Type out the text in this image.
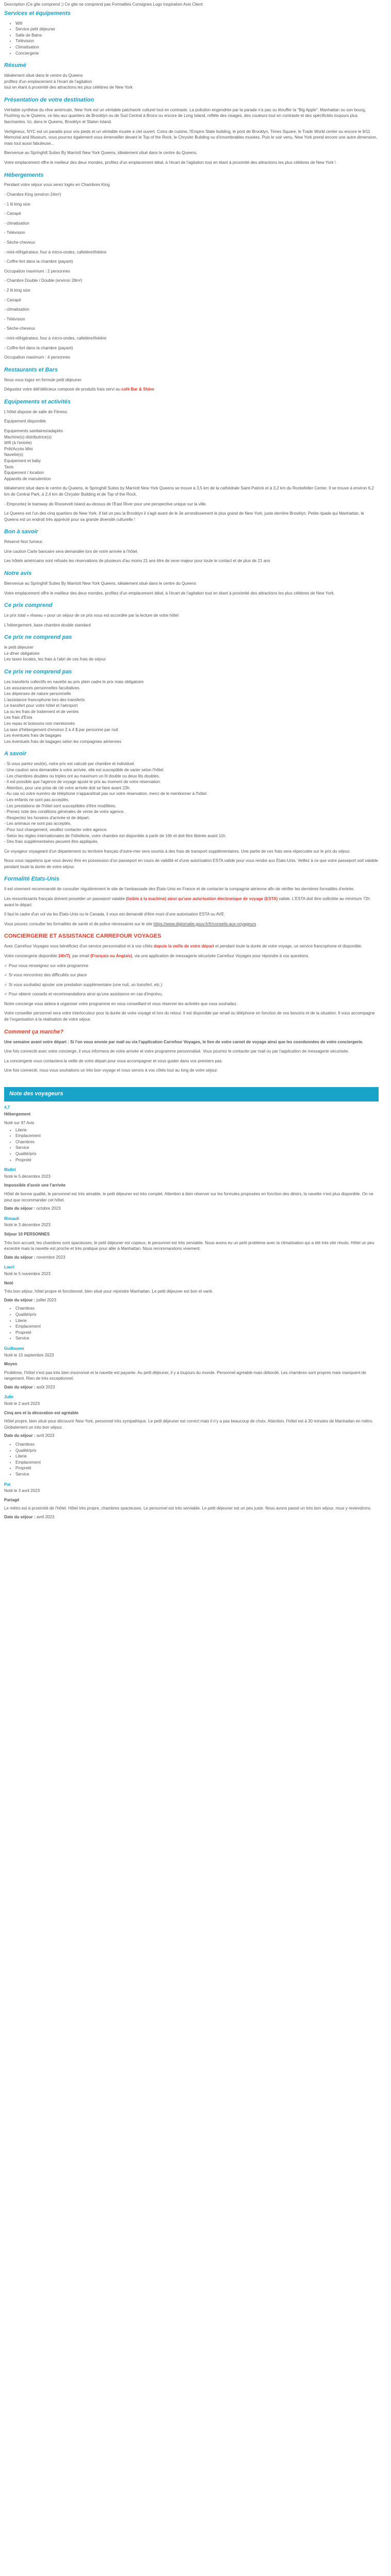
Description (Ce gite comprend :) Ce gite ne comprend pas Formalités Consignes Logo Inspiration Avis Client

Services et équipements
• Wifi
• Service petit déjeuner
• Salle de Bains
• Télévision
• Climatisation
• Conciergerie
Résumé
Idéalement situé dans le centre du Queens
profitez d'un emplacement à l'écart de l'agitation
tout en étant à proximité des attractions les plus célèbres de New York
Présentation de votre destination

Véritable synthèse du rêve américain, New York est un véritable patchwork culturel tout en contraste. La pollution engendrée par la parade n'a pas su étouffer la "Big Apple". Manhattan ou son bourg, Flushing ou le Queens, ce lieu aux quartiers de Brooklyn ou de Sud Central à Bronx ou encore de Long Island, reflète des visages, des couleurs tout en contraste et des spécificités toujours plus fascinantes. Ici, dans le Queens, Brooklyn et Staten Island.

Vertigineux, NYC est un paradis pour vos pieds et un véritable musée à ciel ouvert. Coins de cuisine, l'Empire State building, le pont de Brooklyn, Times Square, le Trade World center ou encore le 9/11 Memorial and Museum, vous pourrez également vous émerveiller devant le Top of the Rock, le Chrysler Building ou d'innombrables musées. Puis le soir venu, New York prend encore une autre dimension, mais tout aussi fabuleuse...

Bienvenue au Springhill Suites By Marriott New York Queens, idéalement situé dans le centre du Queens.

Votre emplacement offre le meilleur des deux mondes, profitez d'un emplacement idéal, à l'écart de l'agitation tout en étant à proximité des attractions les plus célèbres de New York !

Hébergements

Pendant votre séjour vous serez logés en Chambres King

- Chambre King (environ 24m²)

- 1 lit king size

- Canapé

- climatisation

- Télévision

- Sèche-cheveux

- mini-réfrigérateur, four à micro-ondes, cafetière/théière

- Coffre-fort dans la chambre (payant)

Occupation maximum : 2 personnes

- Chambre Double / Double (environ 28m²)

- 2 lit king size

- Canapé

- climatisation

- Télévision

- Sèche-cheveux

- mini-réfrigérateur, four à micro-ondes, cafetière/théière

- Coffre-fort dans la chambre (payant)

Occupation maximum : 4 personnes

Restaurants et Bars

Nous vous logez en formule petit déjeuner

Dégustez votre déli'délicieux composé de produits frais servi au café Bar & Shine

Equipements et activités

L'hôtel dispose de salle de Fitness

Equipement disponible

Equipements sanitaires/adaptés
Machine(s) distributrice(s)
Wifi (à l'entrée)
Prêt/Accès Mini
Navette(s)
Equipement et baby
Taxis
Équipement / location
Appareils de manutention

Idéalement situé dans le centre du Queens, le Springhill Suites by Marriott New York Queens se trouve à 3,5 km de la cathédrale Saint-Patrick et à 3,2 km du Rockefeller Center. Il se trouve à environ 6,2 km de Central Park, à 2,4 km de Chrysler Building et de Top of the Rock.

- Empruntez le tramway de Roosevelt Island au-dessus de l'East River pour une perspective unique sur la ville.

Le Queens est l'un des cinq quartiers de New York. Il fait un peu la Brooklyn il s'agit avant de le 3e arrondissement le plus grand de New York, juste derrière Brooklyn. Petite ripade qui Manhattan, le Queens est un endroit très apprécié pour sa grande diversité culturelle !

Bon à savoir

Réservé Non fumeur.

Une caution Carte bancaire sera demandée lors de votre arrivée à l'hôtel.

Les hôtels américains sont refusés les réservations de plusieurs d'au moins 21 ans être de sexe majeur pour toute le contact et de plus de 21 ans

Notre avis

Bienvenue au Springhill Suites By Marriott New York Queens, idéalement situé dans le centre du Queens

Votre emplacement offre le meilleur des deux mondes, profitez d'un emplacement idéal, à l'écart de l'agitation tout en étant à proximité des attractions les plus célèbres de New York.

Ce prix comprend

Le prix total « réseau » pour un séjour de ce prix vous est accordée par la lecture de votre hôtel

L'hébergement, base chambre double standard

Ce prix ne comprend pas
le petit déjeuner
Le dîner obligatoire
Les taxes locales, les frais à l'abri de ces frais de séjour
Ce prix ne comprend pas
Les transferts collectifs en navette au prix plein cadre le prix mais obligatoire
Les assurances personnelles facultatives
Les dépenses de nature personnelle
L'assistance francophone lors des transferts
Le transfert pour votre hôtel et l'aéroport
La ou les frais de traitement et de ventes
Les frais d'Esta
Les repas et boissons non mentionnés
La taxe d'hébergement d'environ 2 à 4 $ par personne par nuit
Les éventuels frais de bagages
Les éventuels frais de bagages selon les compagnies aériennes
A savoir
- Si vous partez seul(e), notre prix est calculé par chambre et individuel.
- Une caution sera demandée à votre arrivée, elle est susceptible de varier selon l'hôtel.
- Les chambres doubles ou triples ont au maximum un lit double ou deux lits doubles.
- Il est possible que l'agence de voyage ajuste le prix au moment de votre réservation.
- Attention, pour une prise de clé votre arrivée doit se faire avant 23h.
- Au cas où votre numéro de téléphone n'apparaîtrait pas sur votre réservation, merci de le mentionner à l'hôtel.
- Les enfants ne sont pas acceptés.
- Les prestations de l'hôtel sont susceptibles d'être modifiées.
- Prenez note des conditions générales de vente de votre agence.
- Respectez les horaires d'arrivée et de départ.
- Les animaux ne sont pas acceptés.
- Pour tout changement, veuillez contacter votre agence.
- Selon les règles internationales de l'hôtellerie, votre chambre est disponible à partir de 16h et doit être libérée avant 11h.
- Des frais supplémentaires peuvent être appliqués.

Ce voyageur voyageant d'un département ou territoire français d'outre-mer sera soumis à des frais de transport supplémentaires. Une partie de ces frais sera répercutée sur le prix du séjour.

Nous vous rappelons que vous devez être en possession d'un passeport en cours de validité et d'une autorisation ESTA valide pour vous rendre aux États-Unis. Veillez à ce que votre passeport soit valable pendant toute la durée de votre séjour.

Formalité Etats-Unis

Il est vivement recommandé de consulter régulièrement le site de l'ambassade des États-Unis en France et de contacter la compagnie aérienne afin de vérifier les dernières formalités d'entrée.

Les ressortissants français doivent posséder un passeport valable (lisible à la machine) ainsi qu'une autorisation électronique de voyage (ESTA) valide. L'ESTA doit être sollicitée au minimum 72h avant le départ.

Il faut le cadre d'un vol via les États-Unis ou le Canada, il vous est demandé d'être muni d'une autorisation ESTA ou AVE.

Vous pouvez consulter les formalités de santé et de police nécessaires sur le site https://www.diplomatie.gouv.fr/fr/conseils-aux-voyageurs

CONCIERGERIE ET ASSISTANCE CARREFOUR VOYAGES

Avec Carrefour Voyages vous bénéficiez d'un service personnalisé et à vos côtés depuis la veille de votre départ et pendant toute la durée de votre voyage, un service francophone et disponible.

Votre conciergerie disponible 24h/7j, par email (Français ou Anglais), via une application de messagerie sécurisée Carrefour Voyages pour répondre à vos questions.

✓ Pour nous renseignez sur votre programme

✓ Si vous rencontrez des difficultés sur place

✓ Si vous souhaitez ajouter une prestation supplémentaire (une nuit, un transfert, etc.)

✓ Pour obtenir conseils et recommandations ainsi qu'une assistance en cas d'imprévu.

Notre concierge vous aidera à organiser votre programme en vous conseillant et vous réserver les activités que vous souhaitez.

Votre conseiller personnel sera votre interlocuteur pour la durée de votre voyage et lors du retour. Il est disponible par email ou téléphone en fonction de vos besoins et de la situation. Il vous accompagne de l'organisation à la réalisation de votre séjour.

Comment ça marche?

Une semaine avant votre départ : Si l'on vous envoie par mail ou via l'application Carrefour Voyages, le lien de votre carnet de voyage ainsi que les coordonnées de votre conciergerie.

Une fois connecté avec votre concierge, il vous informera de votre arrivée et votre programme personnalisé. Vous pourrez le contacter par mail ou par l'application de messagerie sécurisée.

La conciergerie vous contactera la veille de votre départ pour vous accompagner et vous guider dans vos premiers pas.

Une fois connecté, nous vous souhaitons un très bon voyage et nous serons à vos côtés tout au long de votre séjour.

Note des voyageurs
4,7
Hébergement
Noté sur 97 Avis
• Literie
• Emplacement
• Chambres
• Service
• Qualité/prix
• Propreté
Mallet
Noté le 5 décembre 2023

Impossible d'avoir une l'arrivée

Hôtel de bonne qualité, le personnel est très aimable, le petit déjeuner est très complet. Attention à bien réserver sur les formules proposées en fonction des désirs, la navette n'est plus disponible. On ne peut que recommander cet hôtel.

Date du séjour : octobre 2023

Rimauli
Noté le 3 décembre 2023

Séjour 10 PERSONNES

Très bon accueil, les chambres sont spacieuses, le petit déjeuner est copieux, le personnel est très serviable. Nous avons eu un petit problème avec la climatisation qui a été très vite résolu. Hôtel un peu excentré mais la navette est proche et très pratique pour aller à Manhattan. Nous recommandons vivement.

Date du séjour : novembre 2023

Lauri
Noté le 5 novembre 2023

Noté

Très bon séjour, hôtel propre et fonctionnel, bien situé pour rejoindre Manhattan. Le petit déjeuner est bon et varié.

Date du séjour : juillet 2023

• Chambres
• Qualité/prix
• Literie
• Emplacement
• Propreté
• Service
Guillaume
Noté le 15 septembre 2023

Moyen

Problème, l'hôtel n'est pas très bien insonorisé et la navette est payante. Au petit déjeuner, il y a toujours du monde. Personnel agréable mais débordé. Les chambres sont propres mais manquent de rangement. Rien de très exceptionnel.

Date du séjour : août 2023

Julie
Noté le 2 avril 2023

Cinq ans et la décoration est agréable

Hôtel propre, bien situé pour découvrir New York, personnel très sympathique. Le petit déjeuner est correct mais il n'y a pas beaucoup de choix. Attention, l'hôtel est à 30 minutes de Manhattan en métro. Globalement un très bon séjour.

Date du séjour : avril 2023

• Chambres
• Qualité/prix
• Literie
• Emplacement
• Propreté
• Service
Pat
Noté le 3 avril 2023

Partagé

Le métro est à proximité de l'hôtel. Hôtel très propre, chambres spacieuses. Le personnel est très serviable. Le petit déjeuner est un peu juste. Nous avons passé un très bon séjour, nous y reviendrons.

Date du séjour : avril 2023
